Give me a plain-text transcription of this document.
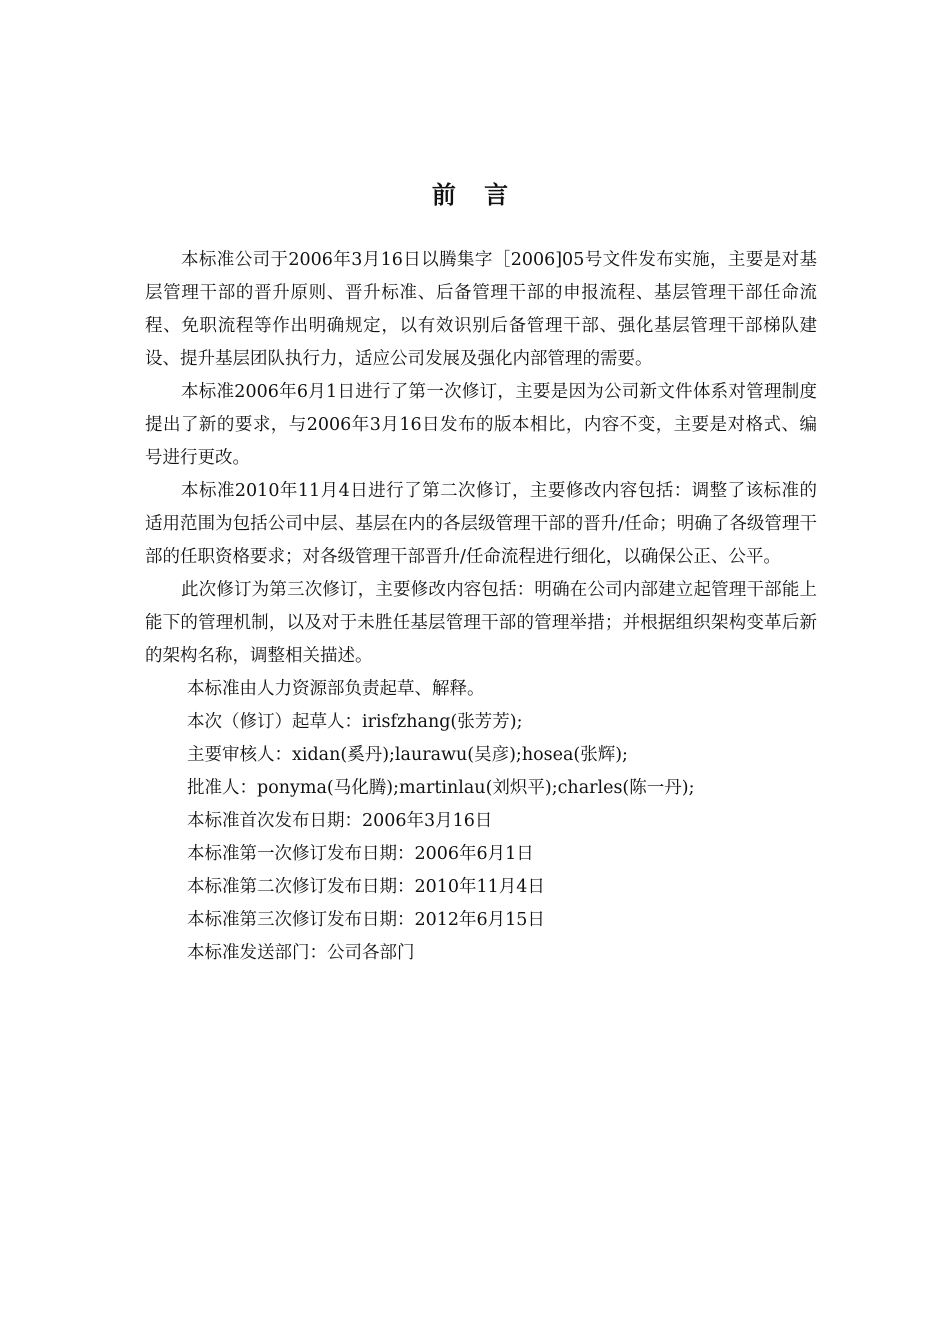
前 言

本标准公司于2006年3月16日以腾集字［2006]05号文件发布实施，主要是对基层管理干部的晋升原则、晋升标准、后备管理干部的申报流程、基层管理干部任命流程、免职流程等作出明确规定，以有效识别后备管理干部、强化基层管理干部梯队建设、提升基层团队执行力，适应公司发展及强化内部管理的需要。

本标准2006年6月1日进行了第一次修订，主要是因为公司新文件体系对管理制度提出了新的要求，与2006年3月16日发布的版本相比，内容不变，主要是对格式、编号进行更改。

本标准2010年11月4日进行了第二次修订，主要修改内容包括：调整了该标准的适用范围为包括公司中层、基层在内的各层级管理干部的晋升/任命；明确了各级管理干部的任职资格要求；对各级管理干部晋升/任命流程进行细化，以确保公正、公平。

此次修订为第三次修订，主要修改内容包括：明确在公司内部建立起管理干部能上能下的管理机制，以及对于未胜任基层管理干部的管理举措；并根据组织架构变革后新的架构名称，调整相关描述。

本标准由人力资源部负责起草、解释。

本次（修订）起草人：irisfzhang(张芳芳);

主要审核人：xidan(奚丹);laurawu(吴彦);hosea(张辉);

批准人：ponyma(马化腾);martinlau(刘炽平);charles(陈一丹);

本标准首次发布日期：2006年3月16日

本标准第一次修订发布日期：2006年6月1日

本标准第二次修订发布日期：2010年11月4日

本标准第三次修订发布日期：2012年6月15日

本标准发送部门：公司各部门
